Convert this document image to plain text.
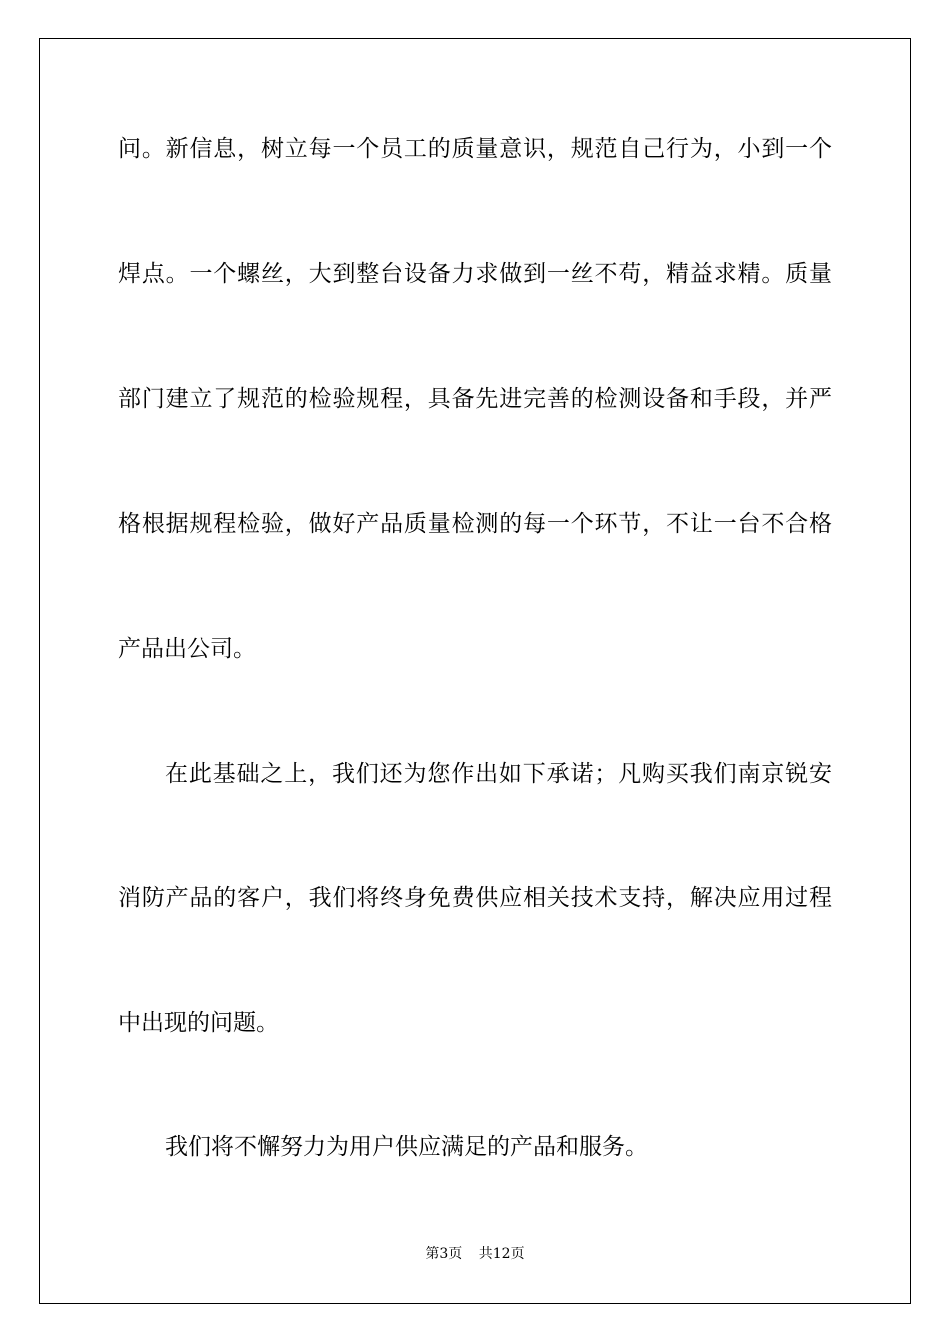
问。新信息，树立每一个员工的质量意识，规范自己行为，小到一个
焊点。一个螺丝，大到整台设备力求做到一丝不苟，精益求精。质量
部门建立了规范的检验规程，具备先进完善的检测设备和手段，并严
格根据规程检验，做好产品质量检测的每一个环节，不让一台不合格
产品出公司。
在此基础之上，我们还为您作出如下承诺；凡购买我们南京锐安
消防产品的客户，我们将终身免费供应相关技术支持，解决应用过程
中出现的问题。
我们将不懈努力为用户供应满足的产品和服务。
第3页 共12页
